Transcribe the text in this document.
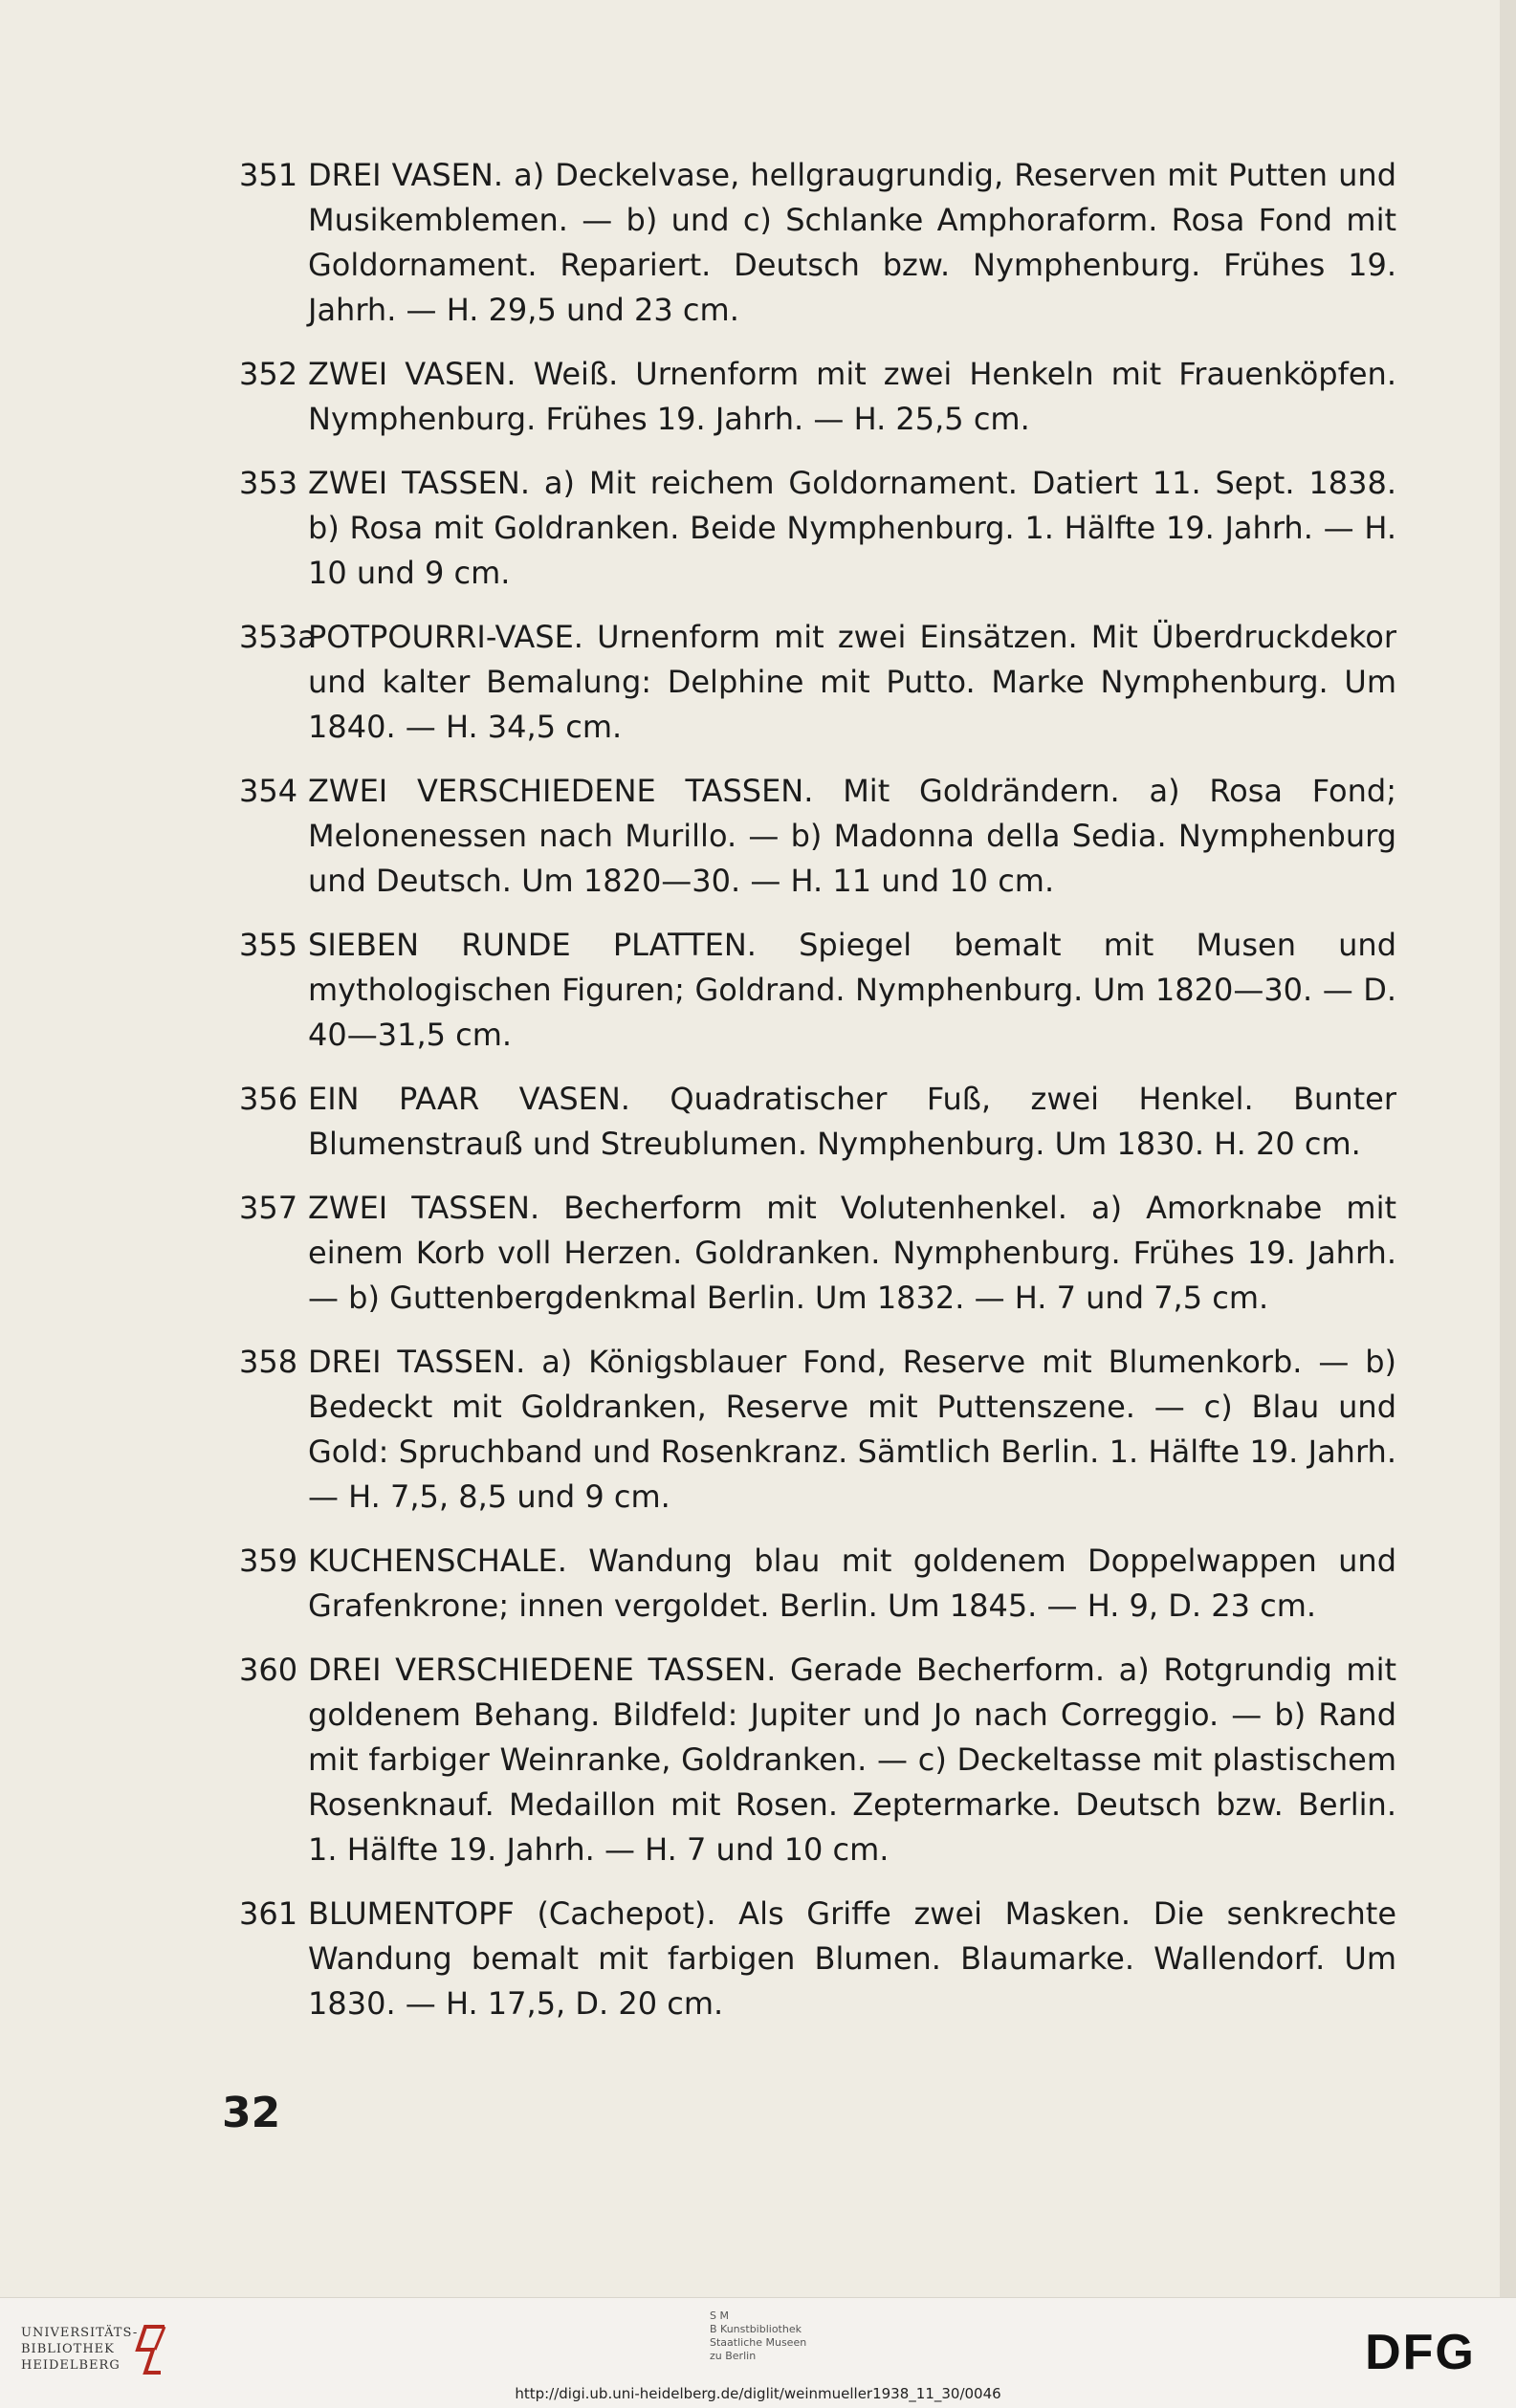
351 DREI VASEN. a) Deckelvase, hellgraugrundig, Reserven mit Putten und Musikemblemen. — b) und c) Schlanke Amphoraform. Rosa Fond mit Goldornament. Repariert. Deutsch bzw. Nymphenburg. Frühes 19. Jahrh. — H. 29,5 und 23 cm.
352 ZWEI VASEN. Weiß. Urnenform mit zwei Henkeln mit Frauenköpfen. Nymphenburg. Frühes 19. Jahrh. — H. 25,5 cm.
353 ZWEI TASSEN. a) Mit reichem Goldornament. Datiert 11. Sept. 1838. b) Rosa mit Goldranken. Beide Nymphenburg. 1. Hälfte 19. Jahrh. — H. 10 und 9 cm.
353a
POTPOURRI-VASE. Urnenform mit zwei Einsätzen. Mit Überdruckdekor und kalter Bemalung: Delphine mit Putto. Marke Nymphenburg. Um 1840. — H. 34,5 cm.
354 ZWEI VERSCHIEDENE TASSEN. Mit Goldrändern. a) Rosa Fond; Melonenessen nach Murillo. — b) Madonna della Sedia. Nymphenburg und Deutsch. Um 1820—30. — H. 11 und 10 cm.
355 SIEBEN RUNDE PLATTEN. Spiegel bemalt mit Musen und mythologischen Figuren; Goldrand. Nymphenburg. Um 1820—30. — D. 40—31,5 cm.
356 EIN PAAR VASEN. Quadratischer Fuß, zwei Henkel. Bunter Blumenstrauß und Streublumen. Nymphenburg. Um 1830. H. 20 cm.
357 ZWEI TASSEN. Becherform mit Volutenhenkel. a) Amorknabe mit einem Korb voll Herzen. Goldranken. Nymphenburg. Frühes 19. Jahrh. — b) Guttenbergdenkmal Berlin. Um 1832. — H. 7 und 7,5 cm.
358 DREI TASSEN. a) Königsblauer Fond, Reserve mit Blumenkorb. — b) Bedeckt mit Goldranken, Reserve mit Puttenszene. — c) Blau und Gold: Spruchband und Rosenkranz. Sämtlich Berlin. 1. Hälfte 19. Jahrh. — H. 7,5, 8,5 und 9 cm.
359 KUCHENSCHALE. Wandung blau mit goldenem Doppelwappen und Grafenkrone; innen vergoldet. Berlin. Um 1845. — H. 9, D. 23 cm.
360 DREI VERSCHIEDENE TASSEN. Gerade Becherform. a) Rotgrundig mit goldenem Behang. Bildfeld: Jupiter und Jo nach Correggio. — b) Rand mit farbiger Weinranke, Goldranken. — c) Deckeltasse mit plastischem Rosenknauf. Medaillon mit Rosen. Zeptermarke. Deutsch bzw. Berlin. 1. Hälfte 19. Jahrh. — H. 7 und 10 cm.
361 BLUMENTOPF (Cachepot). Als Griffe zwei Masken. Die senkrechte Wandung bemalt mit farbigen Blumen. Blaumarke. Wallendorf. Um 1830. — H. 17,5, D. 20 cm.
32
UNIVERSITÄTS-
BIBLIOTHEK
HEIDELBERG
S M
B Kunstbibliothek
Staatliche Museen
zu Berlin	DFG
http://digi.ub.uni-heidelberg.de/diglit/weinmueller1938_11_30/0046
